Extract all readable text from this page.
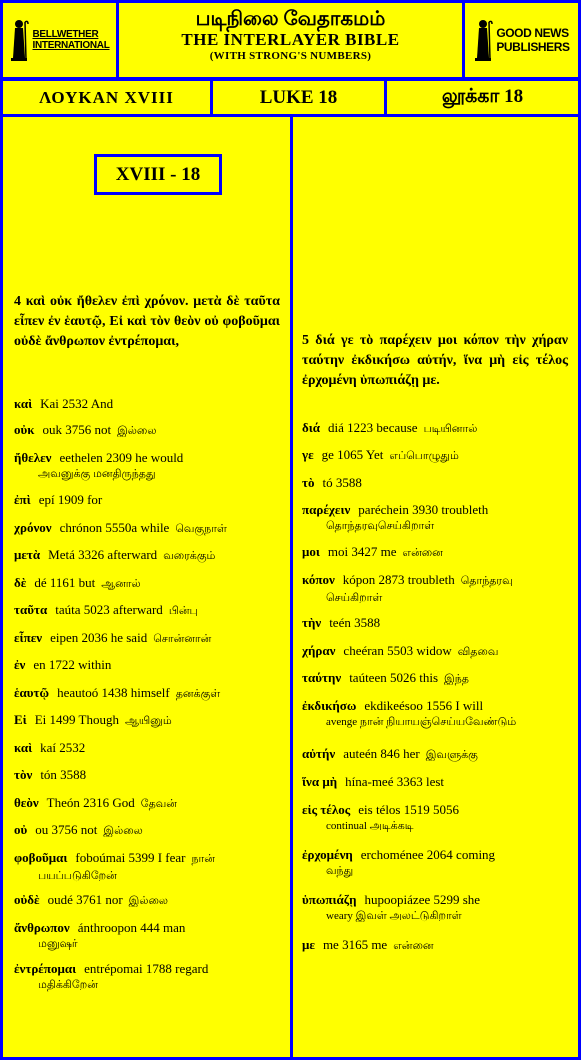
BELLWETHER
INTERNATIONAL
படிநிலை வேதாகமம்
THE INTERLAYER BIBLE
(WITH STRONG'S NUMBERS)
GOOD NEWS
PUBLISHERS
ΛΟΥΚΑΝ XVIII	LUKE 18	லூக்கா 18
XVIII - 18
4 καὶ οὐκ ἤθελεν ἐπὶ χρόνον. μετὰ δὲ ταῦτα εἶπεν ἐν ἑαυτῷ, Εἰ καὶ τὸν θεὸν οὐ φοβοῦμαι οὐδὲ ἄνθρωπον ἐντρέπομαι,
καὶ Kai 2532 And
οὐκ ouk 3756 not இல்லை
ἤθελεν eethelen 2309 he would
அவனுக்கு மனதிருந்தது
ἐπὶ epí 1909 for
χρόνον chrónon 5550a while வெகுநாள்
μετὰ Metá 3326 afterward வரைக்கும்
δὲ dé 1161 but ஆனால்
ταῦτα taúta 5023 afterward பின்பு
εἶπεν eipen 2036 he said சொன்னான்
ἐν en 1722 within
ἑαυτῷ heautoó 1438 himself தனக்குள்
Εἰ Ei 1499 Though ஆயினும்
καὶ kaí 2532
τὸν tón 3588
θεὸν Theón 2316 God தேவன்
οὐ ou 3756 not இல்லை
φοβοῦμαι foboúmai 5399 I fear நான்
பயப்படுகிறேன்
οὐδὲ oudé 3761 nor இல்லை
ἄνθρωπον ánthroopon 444 man
மனுஷர்
ἐντρέπομαι entrépomai 1788 regard
மதிக்கிறேன்
5 διά γε τὸ παρέχειν μοι κόπον τὴν χήραν ταύτην ἐκδικήσω αὐτήν, ἵνα μὴ εἰς τέλος ἐρχομένη ὑπωπιάζῃ με.
διά diá 1223 because படியினால்
γε ge 1065 Yet எப்பொழுதும்
τὸ tó 3588
παρέχειν paréchein 3930 troubleth
தொந்தரவுசெய்கிறாள்
μοι moi 3427 me என்னை
κόπον kópon 2873 troubleth தொந்தரவு
செய்கிறாள்
τὴν teén 3588
χήραν cheéran 5503 widow விதவை
ταύτην taúteen 5026 this இந்த
ἐκδικήσω ekdikeésoo 1556 I will
avenge நான் நியாயஞ்செய்யவேண்டும்
αὐτήν auteén 846 her இவளுக்கு
ἵνα μὴ hína-meé 3363 lest
εἰς τέλος eis télos 1519 5056
continual அடிக்கடி
ἐρχομένη erchoménee 2064 coming
வந்து
ὑπωπιάζῃ hupoopiázee 5299 she
weary இவள் அலட்டுகிறாள்
με me 3165 me என்னை
